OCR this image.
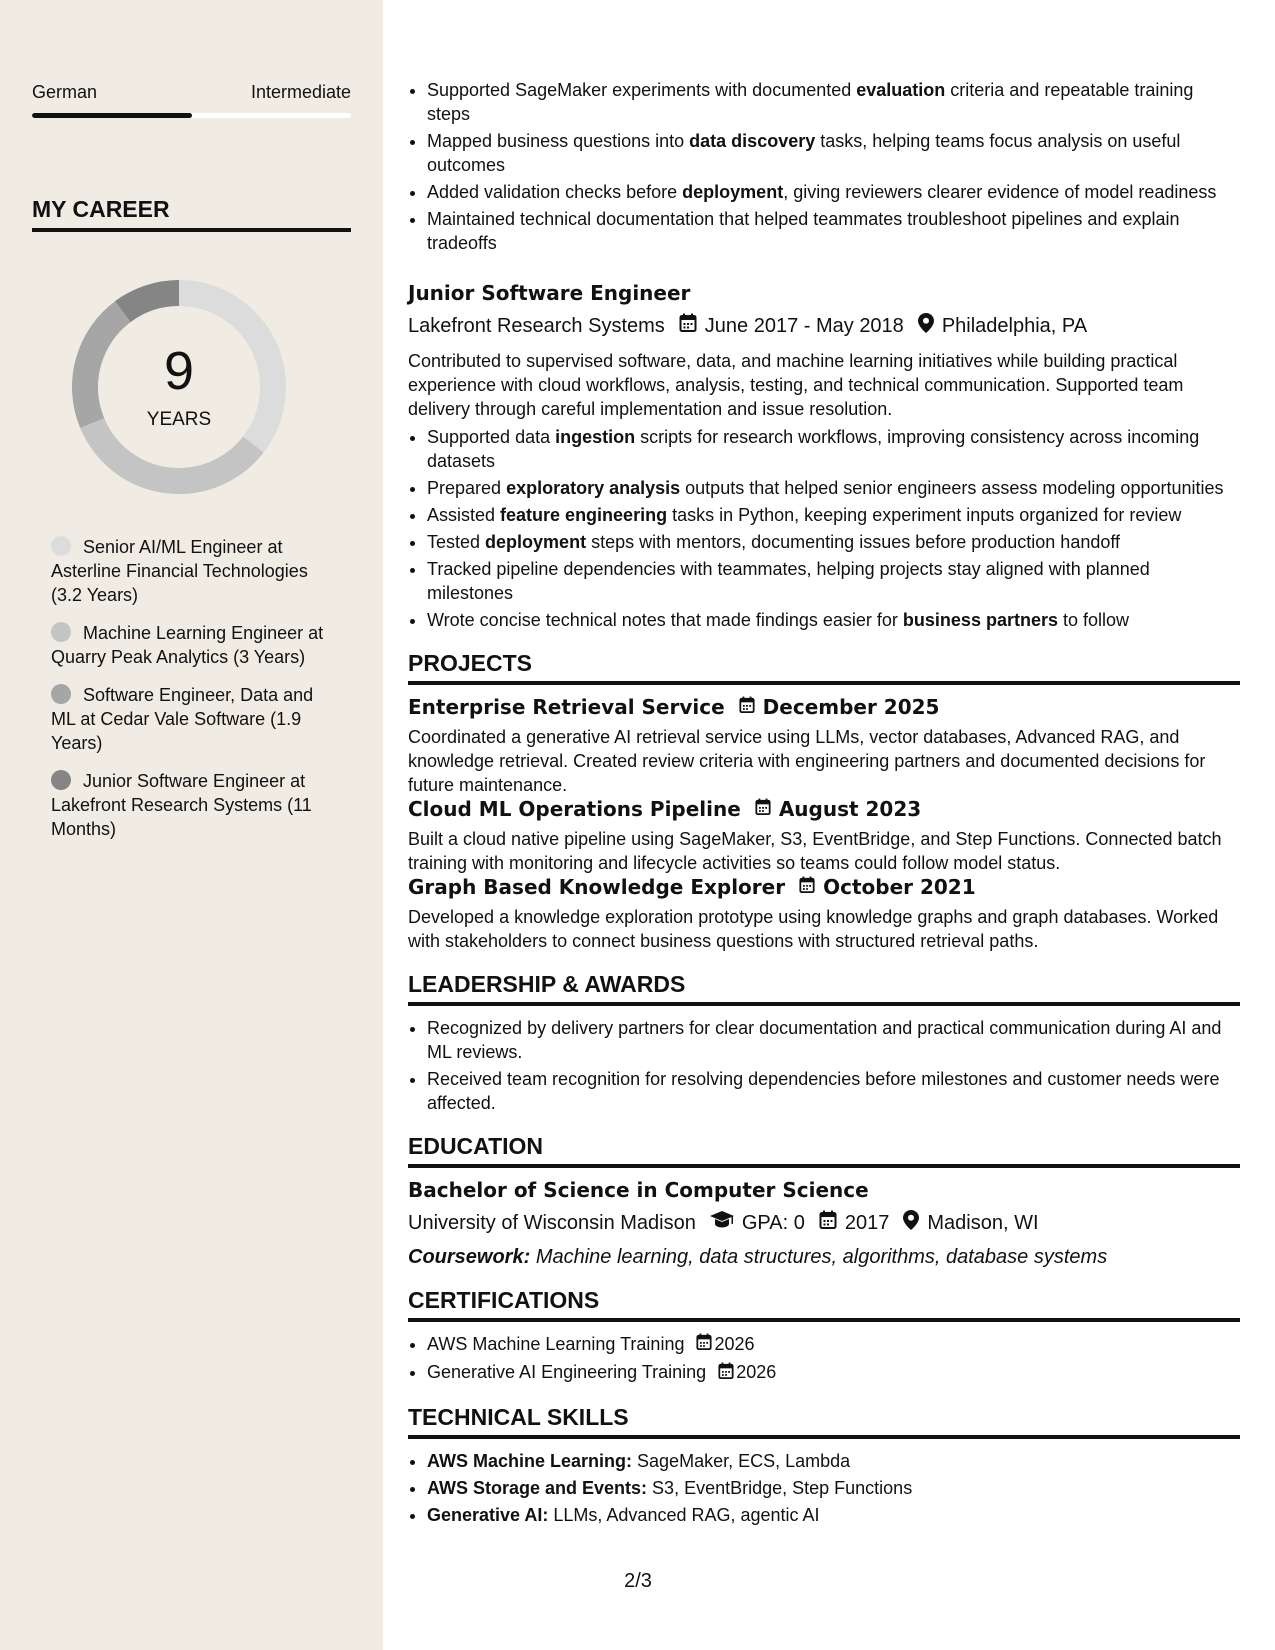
German	Intermediate
MY CAREER
9
YEARS
Senior AI/ML Engineer at Asterline Financial Technologies (3.2 Years)
Machine Learning Engineer at Quarry Peak Analytics (3 Years)
Software Engineer, Data and ML at Cedar Vale Software (1.9 Years)
Junior Software Engineer at Lakefront Research Systems (11 Months)
• Supported SageMaker experiments with documented evaluation criteria and repeatable training steps
• Mapped business questions into data discovery tasks, helping teams focus analysis on useful outcomes
• Added validation checks before deployment, giving reviewers clearer evidence of model readiness
• Maintained technical documentation that helped teammates troubleshoot pipelines and explain tradeoffs
Junior Software Engineer
Lakefront Research Systems June 2017 - May 2018 Philadelphia, PA
Contributed to supervised software, data, and machine learning initiatives while building practical experience with cloud workflows, analysis, testing, and technical communication. Supported team delivery through careful implementation and issue resolution.
• Supported data ingestion scripts for research workflows, improving consistency across incoming datasets
• Prepared exploratory analysis outputs that helped senior engineers assess modeling opportunities
• Assisted feature engineering tasks in Python, keeping experiment inputs organized for review
• Tested deployment steps with mentors, documenting issues before production handoff
• Tracked pipeline dependencies with teammates, helping projects stay aligned with planned milestones
• Wrote concise technical notes that made findings easier for business partners to follow
PROJECTS
Enterprise Retrieval Service December 2025
Coordinated a generative AI retrieval service using LLMs, vector databases, Advanced RAG, and knowledge retrieval. Created review criteria with engineering partners and documented decisions for future maintenance.
Cloud ML Operations Pipeline August 2023
Built a cloud native pipeline using SageMaker, S3, EventBridge, and Step Functions. Connected batch training with monitoring and lifecycle activities so teams could follow model status.
Graph Based Knowledge Explorer October 2021
Developed a knowledge exploration prototype using knowledge graphs and graph databases. Worked with stakeholders to connect business questions with structured retrieval paths.
LEADERSHIP & AWARDS
• Recognized by delivery partners for clear documentation and practical communication during AI and ML reviews.
• Received team recognition for resolving dependencies before milestones and customer needs were affected.
EDUCATION
Bachelor of Science in Computer Science
University of Wisconsin Madison GPA: 0 2017 Madison, WI
Coursework: Machine learning, data structures, algorithms, database systems
CERTIFICATIONS
• AWS Machine Learning Training 2026
• Generative AI Engineering Training 2026
TECHNICAL SKILLS
• AWS Machine Learning: SageMaker, ECS, Lambda
• AWS Storage and Events: S3, EventBridge, Step Functions
• Generative AI: LLMs, Advanced RAG, agentic AI
2/3
